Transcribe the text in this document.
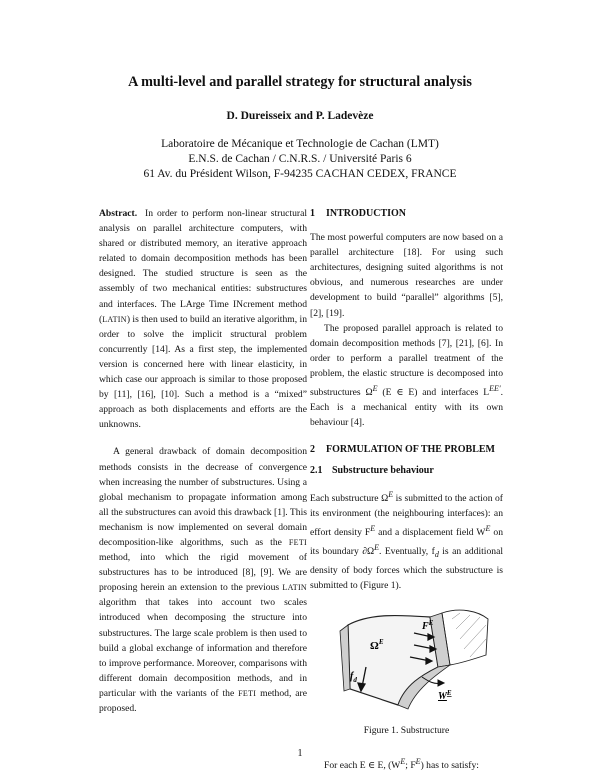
A multi-level and parallel strategy for structural analysis
D. Dureisseix and P. Ladevèze
Laboratoire de Mécanique et Technologie de Cachan (LMT)
E.N.S. de Cachan / C.N.R.S. / Université Paris 6
61 Av. du Président Wilson, F-94235 CACHAN CEDEX, FRANCE

Abstract. In order to perform non-linear structural analysis on parallel architecture computers, with shared or distributed memory, an iterative approach related to domain decomposition methods has been designed. The studied structure is seen as the assembly of two mechanical entities: substructures and interfaces. The LArge Time INcrement method (LATIN) is then used to build an iterative algorithm, in order to solve the implicit structural problem concurrently [14]. As a first step, the implemented version is concerned here with linear elasticity, in which case our approach is similar to those proposed by [11], [16], [10]. Such a method is a “mixed” approach as both displacements and efforts are the unknowns.

A general drawback of domain decomposition methods consists in the decrease of convergence when increasing the number of substructures. Using a global mechanism to propagate information among all the substructures can avoid this drawback [1]. This mechanism is now implemented on several domain decomposition-like algorithms, such as the FETI method, into which the rigid movement of substructures has to be introduced [8], [9]. We are proposing herein an extension to the previous LATIN algorithm that takes into account two scales introduced when decomposing the structure into substructures. The large scale problem is then used to build a global exchange of information and therefore to improve performance. Moreover, comparisons with different domain decomposition methods, and in particular with the variants of the FETI method, are proposed.

1	INTRODUCTION

The most powerful computers are now based on a parallel architecture [18]. For using such architectures, designing suited algorithms is not obvious, and numerous researches are under development to build “parallel” algorithms [5], [2], [19].

The proposed parallel approach is related to domain decomposition methods [7], [21], [6]. In order to perform a parallel treatment of the problem, the elastic structure is decomposed into substructures $\Omega^E$ (E ∈ E) and interfaces $L^{EE'}$. Each is a mechanical entity with its own behaviour [4].

2	FORMULATION OF THE PROBLEM
2.1 Substructure behaviour

Each substructure $\Omega^E$ is submitted to the action of its environment (the neighbouring interfaces): an effort density $F^E$ and a displacement field $W^E$ on its boundary $\partial\Omega^E$. Eventually, $f_d$ is an additional density of body forces which the substructure is submitted to (Figure 1).

$\Omega^E$
$F^E$
$W^E$
$f_d$
Figure 1. Substructure

For each E ∈ E, ($W^E$; $F^E$) has to satisfy:

1
